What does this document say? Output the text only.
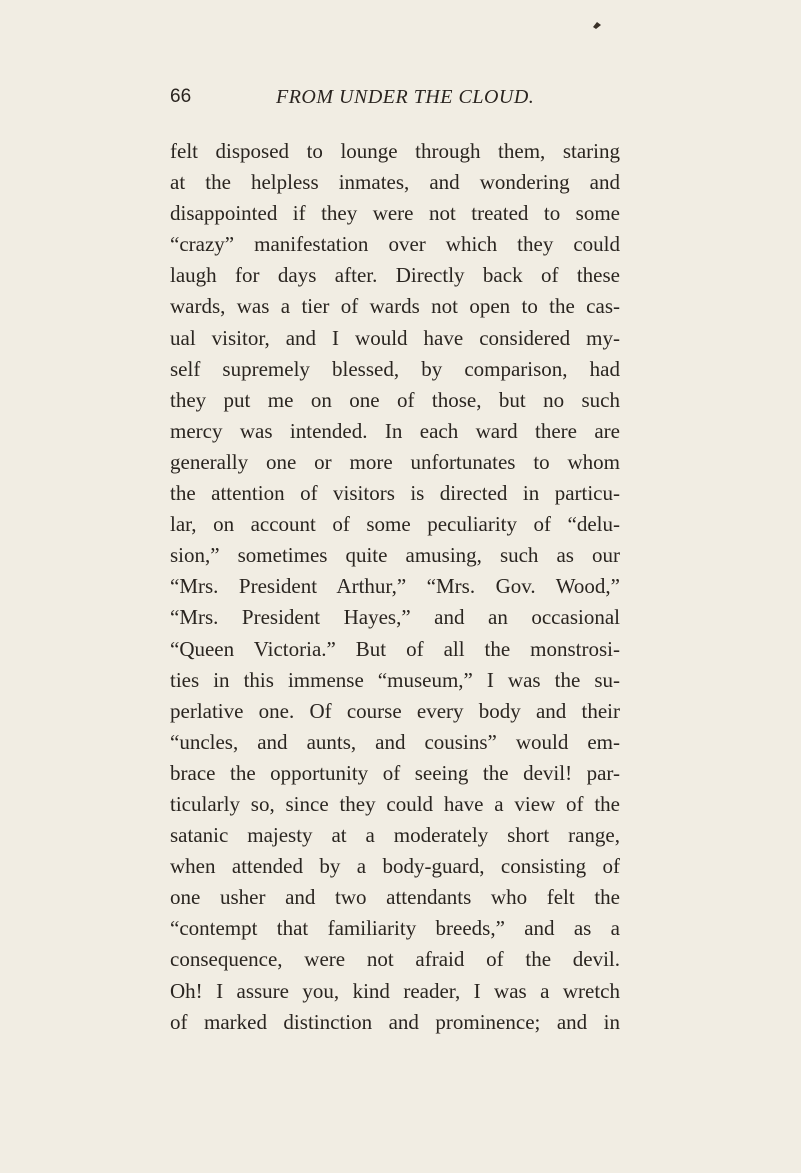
66	FROM UNDER THE CLOUD.
felt disposed to lounge through them, staring
at the helpless inmates, and wondering and
disappointed if they were not treated to some
“crazy” manifestation over which they could
laugh for days after. Directly back of these
wards, was a tier of wards not open to the cas-
ual visitor, and I would have considered my-
self supremely blessed, by comparison, had
they put me on one of those, but no such
mercy was intended. In each ward there are
generally one or more unfortunates to whom
the attention of visitors is directed in particu-
lar, on account of some peculiarity of “delu-
sion,” sometimes quite amusing, such as our
“Mrs. President Arthur,” “Mrs. Gov. Wood,”
“Mrs. President Hayes,” and an occasional
“Queen Victoria.” But of all the monstrosi-
ties in this immense “museum,” I was the su-
perlative one. Of course every body and their
“uncles, and aunts, and cousins” would em-
brace the opportunity of seeing the devil! par-
ticularly so, since they could have a view of the
satanic majesty at a moderately short range,
when attended by a body-guard, consisting of
one usher and two attendants who felt the
“contempt that familiarity breeds,” and as a
consequence, were not afraid of the devil.
Oh! I assure you, kind reader, I was a wretch
of marked distinction and prominence; and in
